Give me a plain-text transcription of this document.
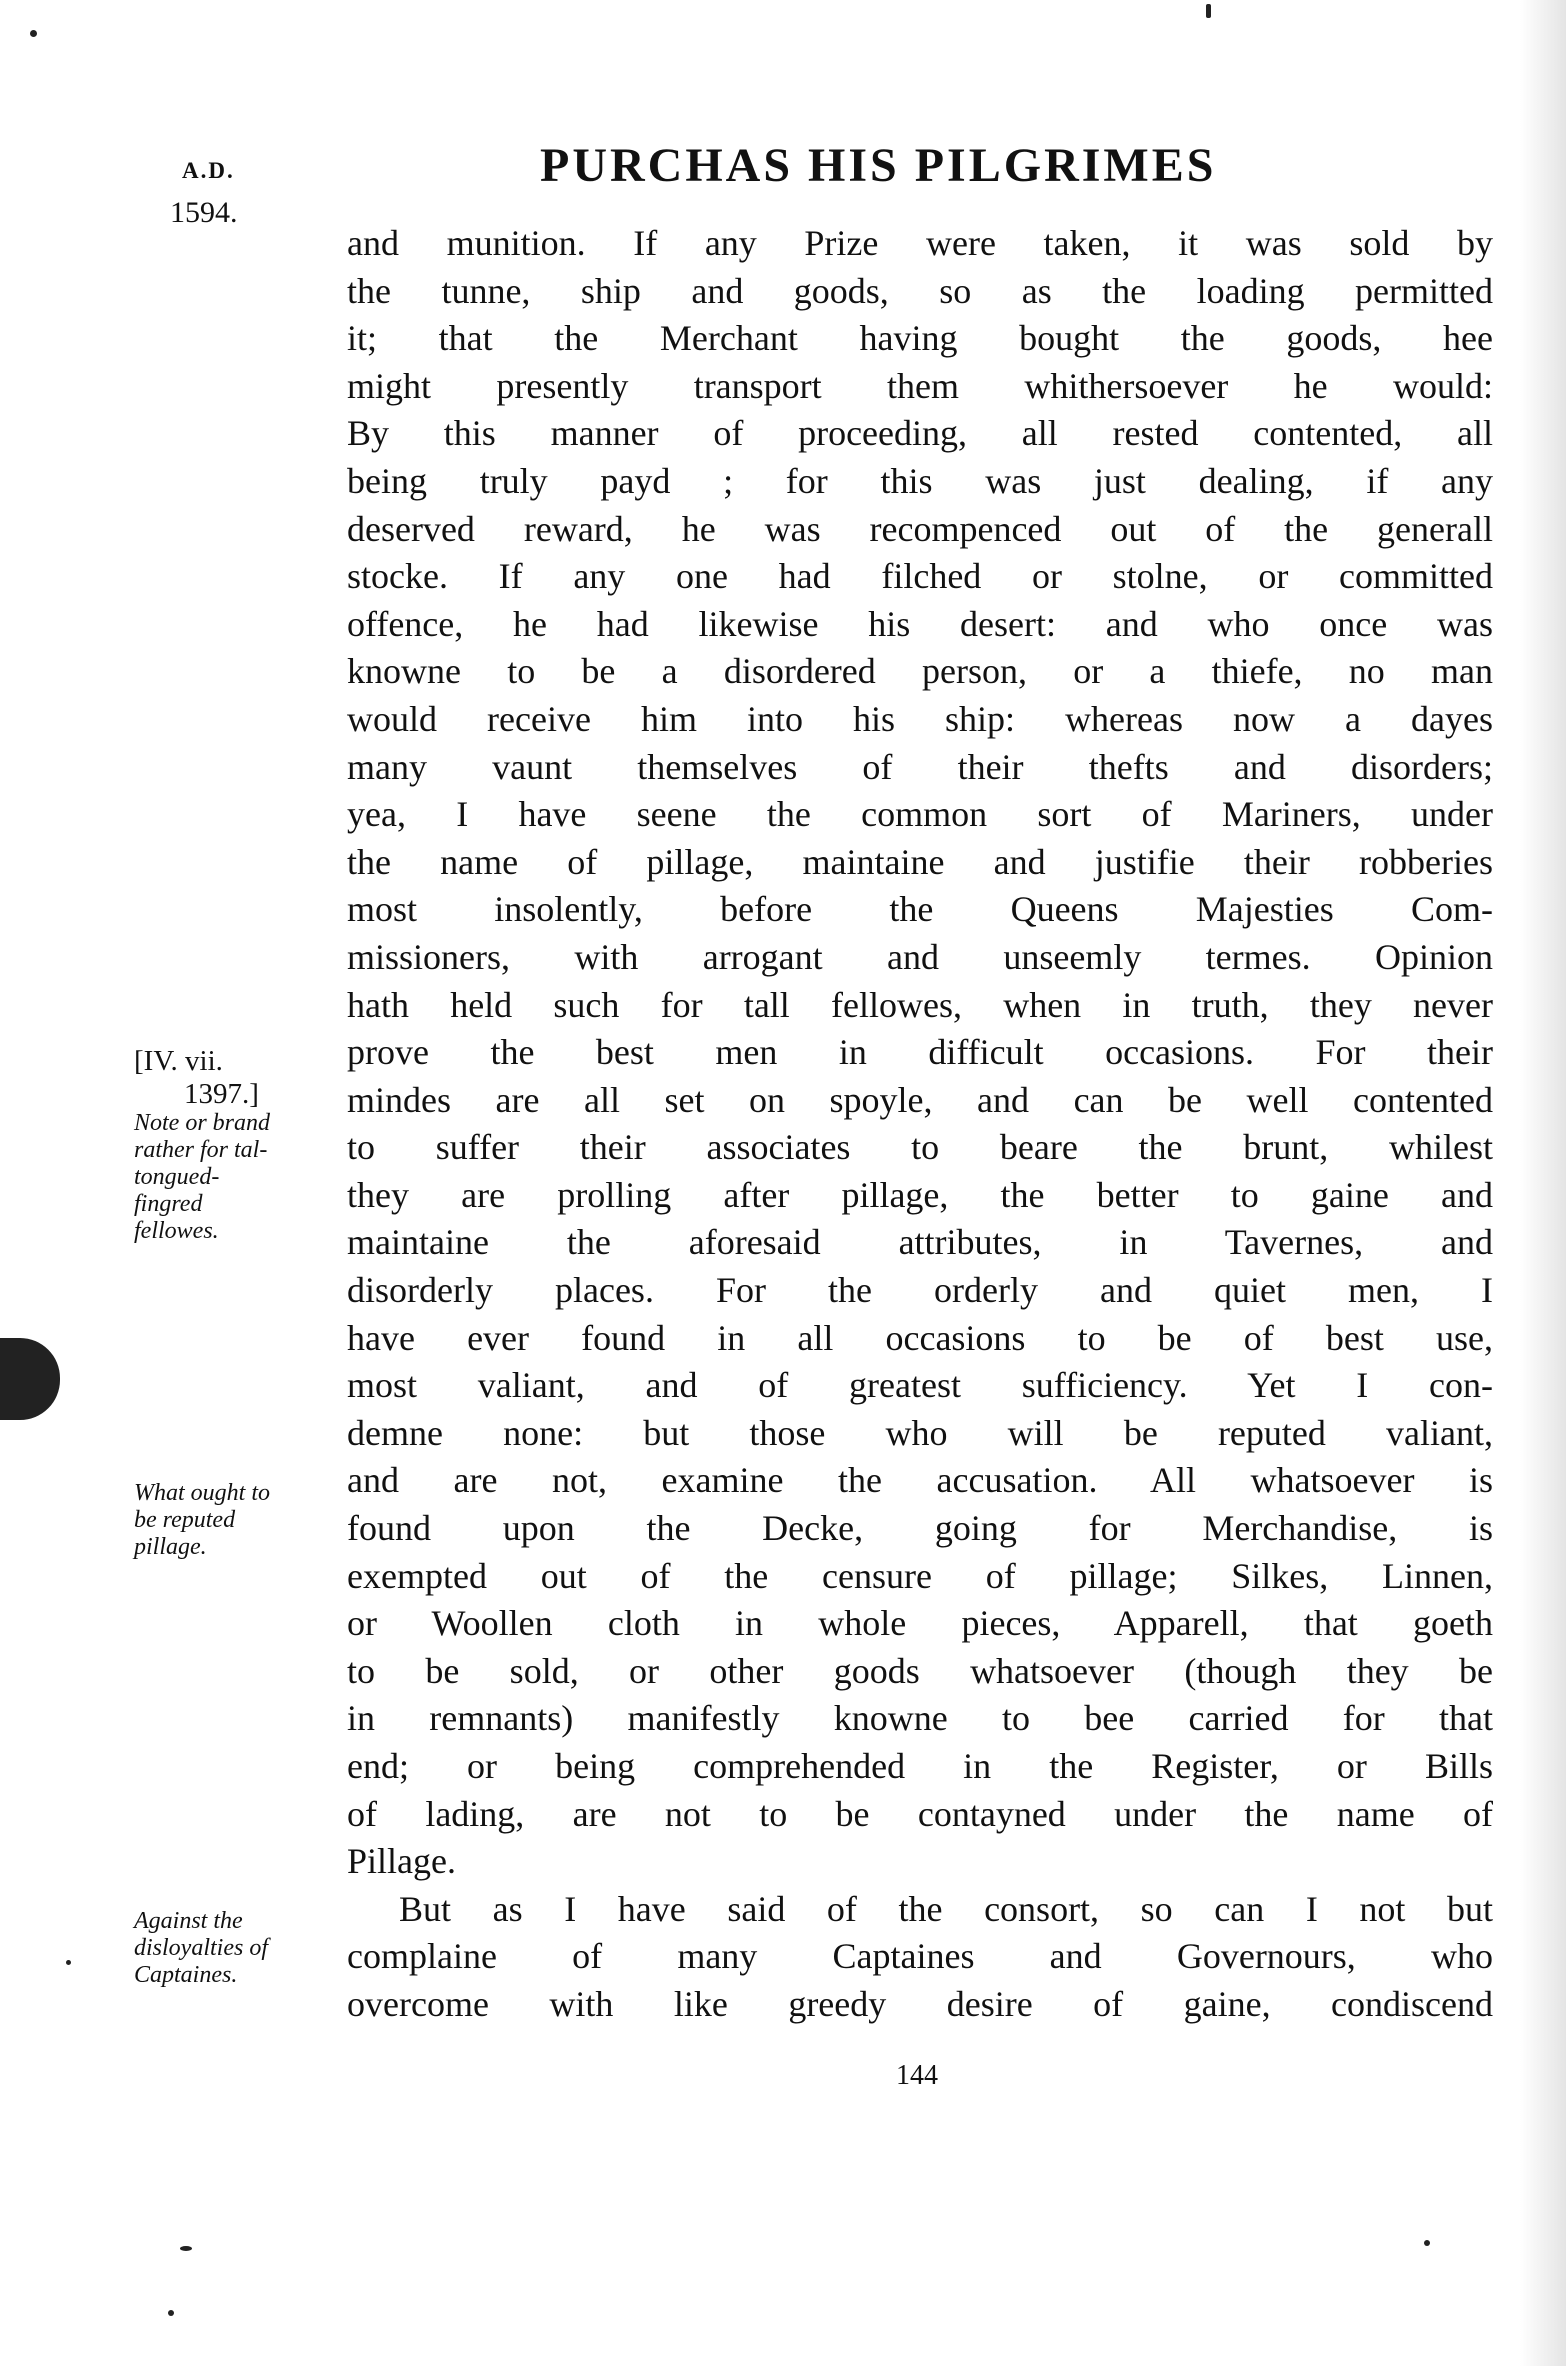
A.D.
1594.
PURCHAS HIS PILGRIMES
and munition. If any Prize were taken, it was sold by
the tunne, ship and goods, so as the loading permitted
it; that the Merchant having bought the goods, hee
might presently transport them whithersoever he would:
By this manner of proceeding, all rested contented, all
being truly payd ; for this was just dealing, if any
deserved reward, he was recompenced out of the generall
stocke. If any one had filched or stolne, or committed
offence, he had likewise his desert: and who once was
knowne to be a disordered person, or a thiefe, no man
would receive him into his ship: whereas now a dayes
many vaunt themselves of their thefts and disorders;
yea, I have seene the common sort of Mariners, under
the name of pillage, maintaine and justifie their robberies
most insolently, before the Queens Majesties Com-
missioners, with arrogant and unseemly termes. Opinion
hath held such for tall fellowes, when in truth, they never
prove the best men in difficult occasions. For their
mindes are all set on spoyle, and can be well contented
to suffer their associates to beare the brunt, whilest
they are prolling after pillage, the better to gaine and
maintaine the aforesaid attributes, in Tavernes, and
disorderly places. For the orderly and quiet men, I
have ever found in all occasions to be of best use,
most valiant, and of greatest sufficiency. Yet I con-
demne none: but those who will be reputed valiant,
and are not, examine the accusation. All whatsoever is
found upon the Decke, going for Merchandise, is
exempted out of the censure of pillage; Silkes, Linnen,
or Woollen cloth in whole pieces, Apparell, that goeth
to be sold, or other goods whatsoever (though they be
in remnants) manifestly knowne to bee carried for that
end; or being comprehended in the Register, or Bills
of lading, are not to be contayned under the name of
Pillage.
But as I have said of the consort, so can I not but
complaine of many Captaines and Governours, who
overcome with like greedy desire of gaine, condiscend
[IV. vii.
1397.]
Note or brand
rather for tal-
tongued-
fingred
fellowes.
What ought to
be reputed
pillage.
Against the
disloyalties of
Captaines.
144
